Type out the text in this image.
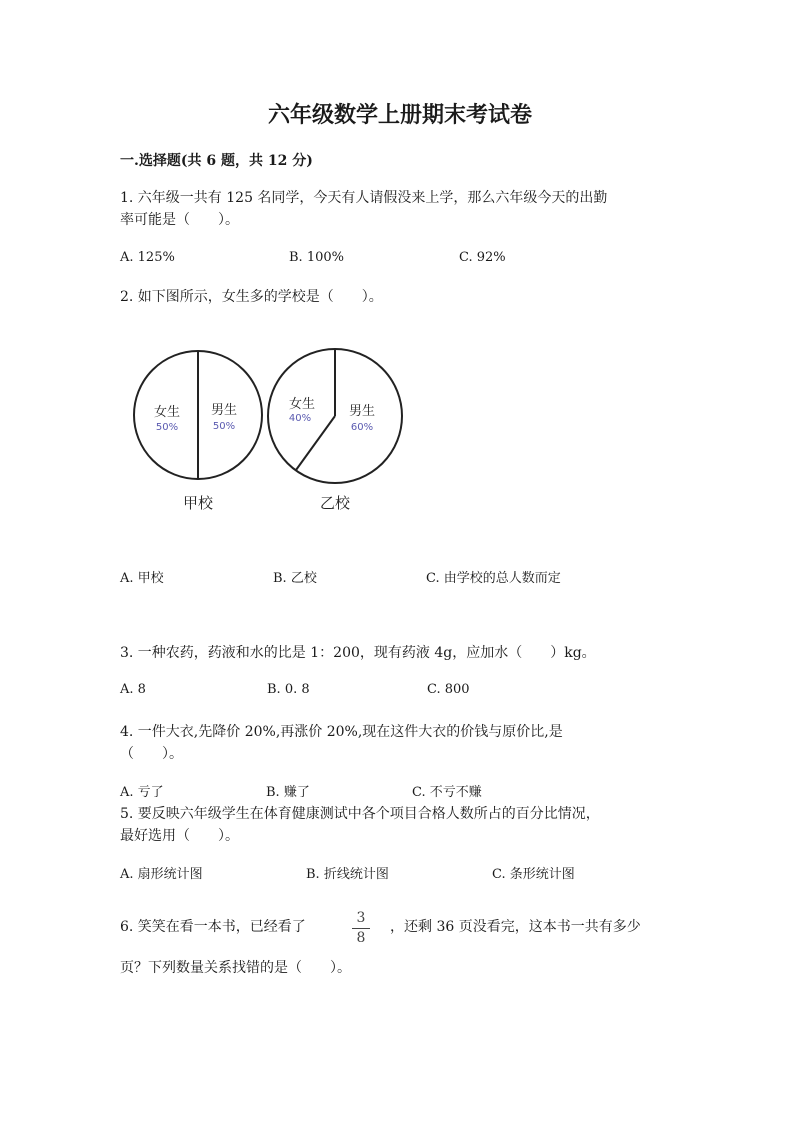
六年级数学上册期末考试卷
一.选择题(共 6 题，共 12 分)
1. 六年级一共有 125 名同学，今天有人请假没来上学，那么六年级今天的出勤
率可能是（　　）。
A. 125%	B. 100%	C. 92%
2. 如下图所示，女生多的学校是（　　）。
女生
50%
男生
50%
甲校
女生
40%	男生
60%
乙校
A. 甲校	B. 乙校	C. 由学校的总人数而定
3. 一种农药，药液和水的比是 1：200，现有药液 4g，应加水（　　）kg。
A. 8	B. 0. 8	C. 800
4. 一件大衣,先降价 20%,再涨价 20%,现在这件大衣的价钱与原价比,是
（　　）。
A. 亏了	B. 赚了	C. 不亏不赚
5. 要反映六年级学生在体育健康测试中各个项目合格人数所占的百分比情况，
最好选用（　　）。
A. 扇形统计图	B. 折线统计图	C. 条形统计图
6. 笑笑在看一本书，已经看了
3
8
，还剩 36 页没看完，这本书一共有多少
页？下列数量关系找错的是（　　）。
